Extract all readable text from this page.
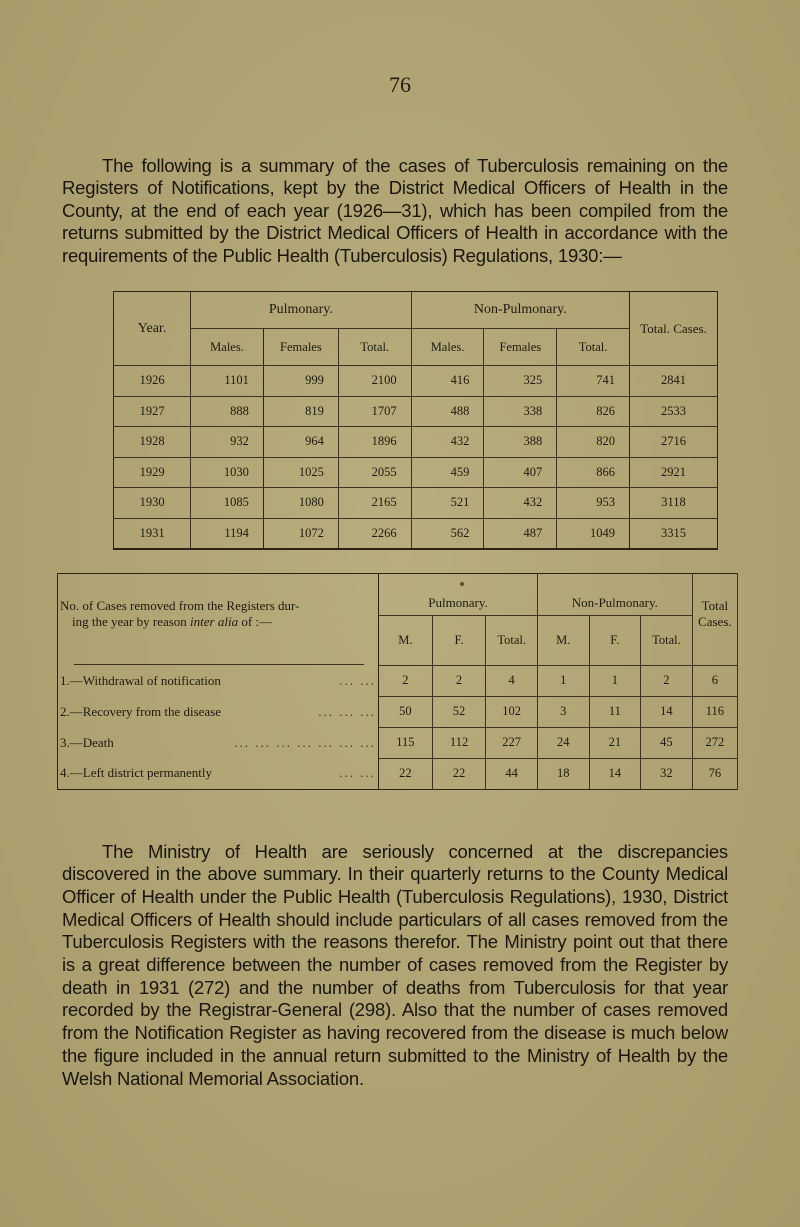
76

The following is a summary of the cases of Tuberculosis remaining on the Registers of Notifications, kept by the District Medical Officers of Health in the County, at the end of each year (1926—31), which has been compiled from the returns submitted by the District Medical Officers of Health in accordance with the requirements of the Public Health (Tuberculosis) Regulations, 1930:—

Year.	Pulmonary.			Non-Pulmonary.			Total. Cases.
	Males.	Females	Total.	Males.	Females	Total.	
1926	1101	999	2100	416	325	741	2841
1927	888	819	1707	488	338	826	2533
1928	932	964	1896	432	388	820	2716
1929	1030	1025	2055	459	407	866	2921
1930	1085	1080	2165	521	432	953	3118
1931	1194	1072	2266	562	487	1049	3315
No. of Cases removed from the Registers dur-
ing the year by reason inter alia of :—	Pulmonary.			Non-Pulmonary.			Total
Cases.
	M.	F.	Total.	M.	F.	Total.	
1.—Withdrawal of notification ... ...	2	2	4	1	1	2	6
2.—Recovery from the disease ... ... ...	50	52	102	3	11	14	116
3.—Death ... ... ... ... ... ... ...	115	112	227	24	21	45	272
4.—Left district permanently ... ...	22	22	44	18	14	32	76

The Ministry of Health are seriously concerned at the discrepancies discovered in the above summary. In their quarterly returns to the County Medical Officer of Health under the Public Health (Tuberculosis Regulations), 1930, District Medical Officers of Health should include particulars of all cases removed from the Tuberculosis Registers with the reasons therefor. The Ministry point out that there is a great difference between the number of cases removed from the Register by death in 1931 (272) and the number of deaths from Tuberculosis for that year recorded by the Registrar-General (298). Also that the number of cases removed from the Notification Register as having recovered from the disease is much below the figure included in the annual return submitted to the Ministry of Health by the Welsh National Memorial Association.
